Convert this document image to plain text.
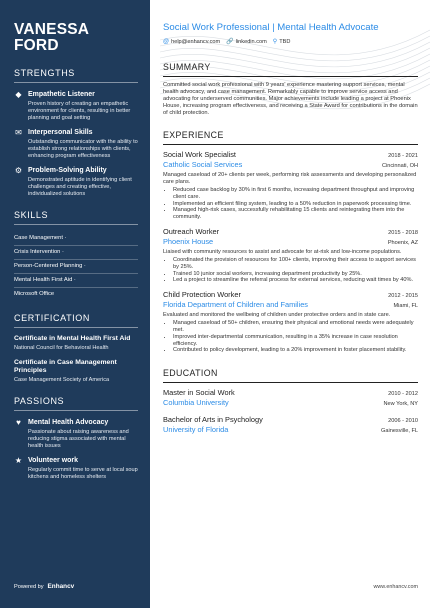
VANESSA
FORD
STRENGTHS
◆ Empathetic Listener
Proven history of creating an empathetic environment for clients, resulting in better planning and goal setting
✉ Interpersonal Skills
Outstanding communicator with the ability to establish strong relationships with clients, enhancing program effectiveness
⚙ Problem-Solving Ability
Demonstrated aptitude in identifying client challenges and creating effective, individualized solutions
SKILLS
Case Management ·
Crisis Intervention ·
Person-Centered Planning ·
Mental Health First Aid ·
Microsoft Office
CERTIFICATION
Certificate in Mental Health First Aid
National Council for Behavioral Health
Certificate in Case Management Principles
Case Management Society of America
PASSIONS
♥	Mental Health Advocacy
Passionate about raising awareness and reducing stigma associated with mental health issues
★ Volunteer work
Regularly commit time to serve at local soup kitchens and homeless shelters
Powered by Enhancv
Social Work Professional | Mental Health Advocate
@ help@enhancv.com 🔗 linkedin.com ⚲ TBD
SUMMARY
Committed social work professional with 9 years' experience mastering support services, mental health advocacy, and case management. Remarkably capable to improve service access and advocating for underserved communities. Major achievements include leading a project at Phoenix House, increasing program effectiveness, and receiving a State Award for contributions in the domain of child protection.
EXPERIENCE
Social Work Specialist	2018 - 2021
Catholic Social Services	Cincinnati, OH
Managed caseload of 20+ clients per week, performing risk assessments and developing personalized care plans.
• Reduced case backlog by 30% in first 6 months, increasing department throughput and improving client care.
• Implemented an efficient filing system, leading to a 50% reduction in paperwork processing time.
• Managed high-risk cases, successfully rehabilitating 15 clients and reintegrating them into the community.
Outreach Worker	2015 - 2018
Phoenix House	Phoenix, AZ
Liaised with community resources to assist and advocate for at-risk and low-income populations.
• Coordinated the provision of resources for 100+ clients, improving their access to support services by 25%.
• Trained 10 junior social workers, increasing department productivity by 25%.
• Led a project to streamline the referral process for external services, reducing wait times by 40%.
Child Protection Worker	2012 - 2015
Florida Department of Children and Families	Miami, FL
Evaluated and monitored the wellbeing of children under protective orders and in state care.
• Managed caseload of 50+ children, ensuring their physical and emotional needs were adequately met.
• Improved inter-departmental communication, resulting in a 35% increase in case resolution efficiency.
• Contributed to policy development, leading to a 20% improvement in foster placement stability.
EDUCATION
Master in Social Work	2010 - 2012
Columbia University	New York, NY
Bachelor of Arts in Psychology	2006 - 2010
University of Florida	Gainesville, FL
www.enhancv.com
